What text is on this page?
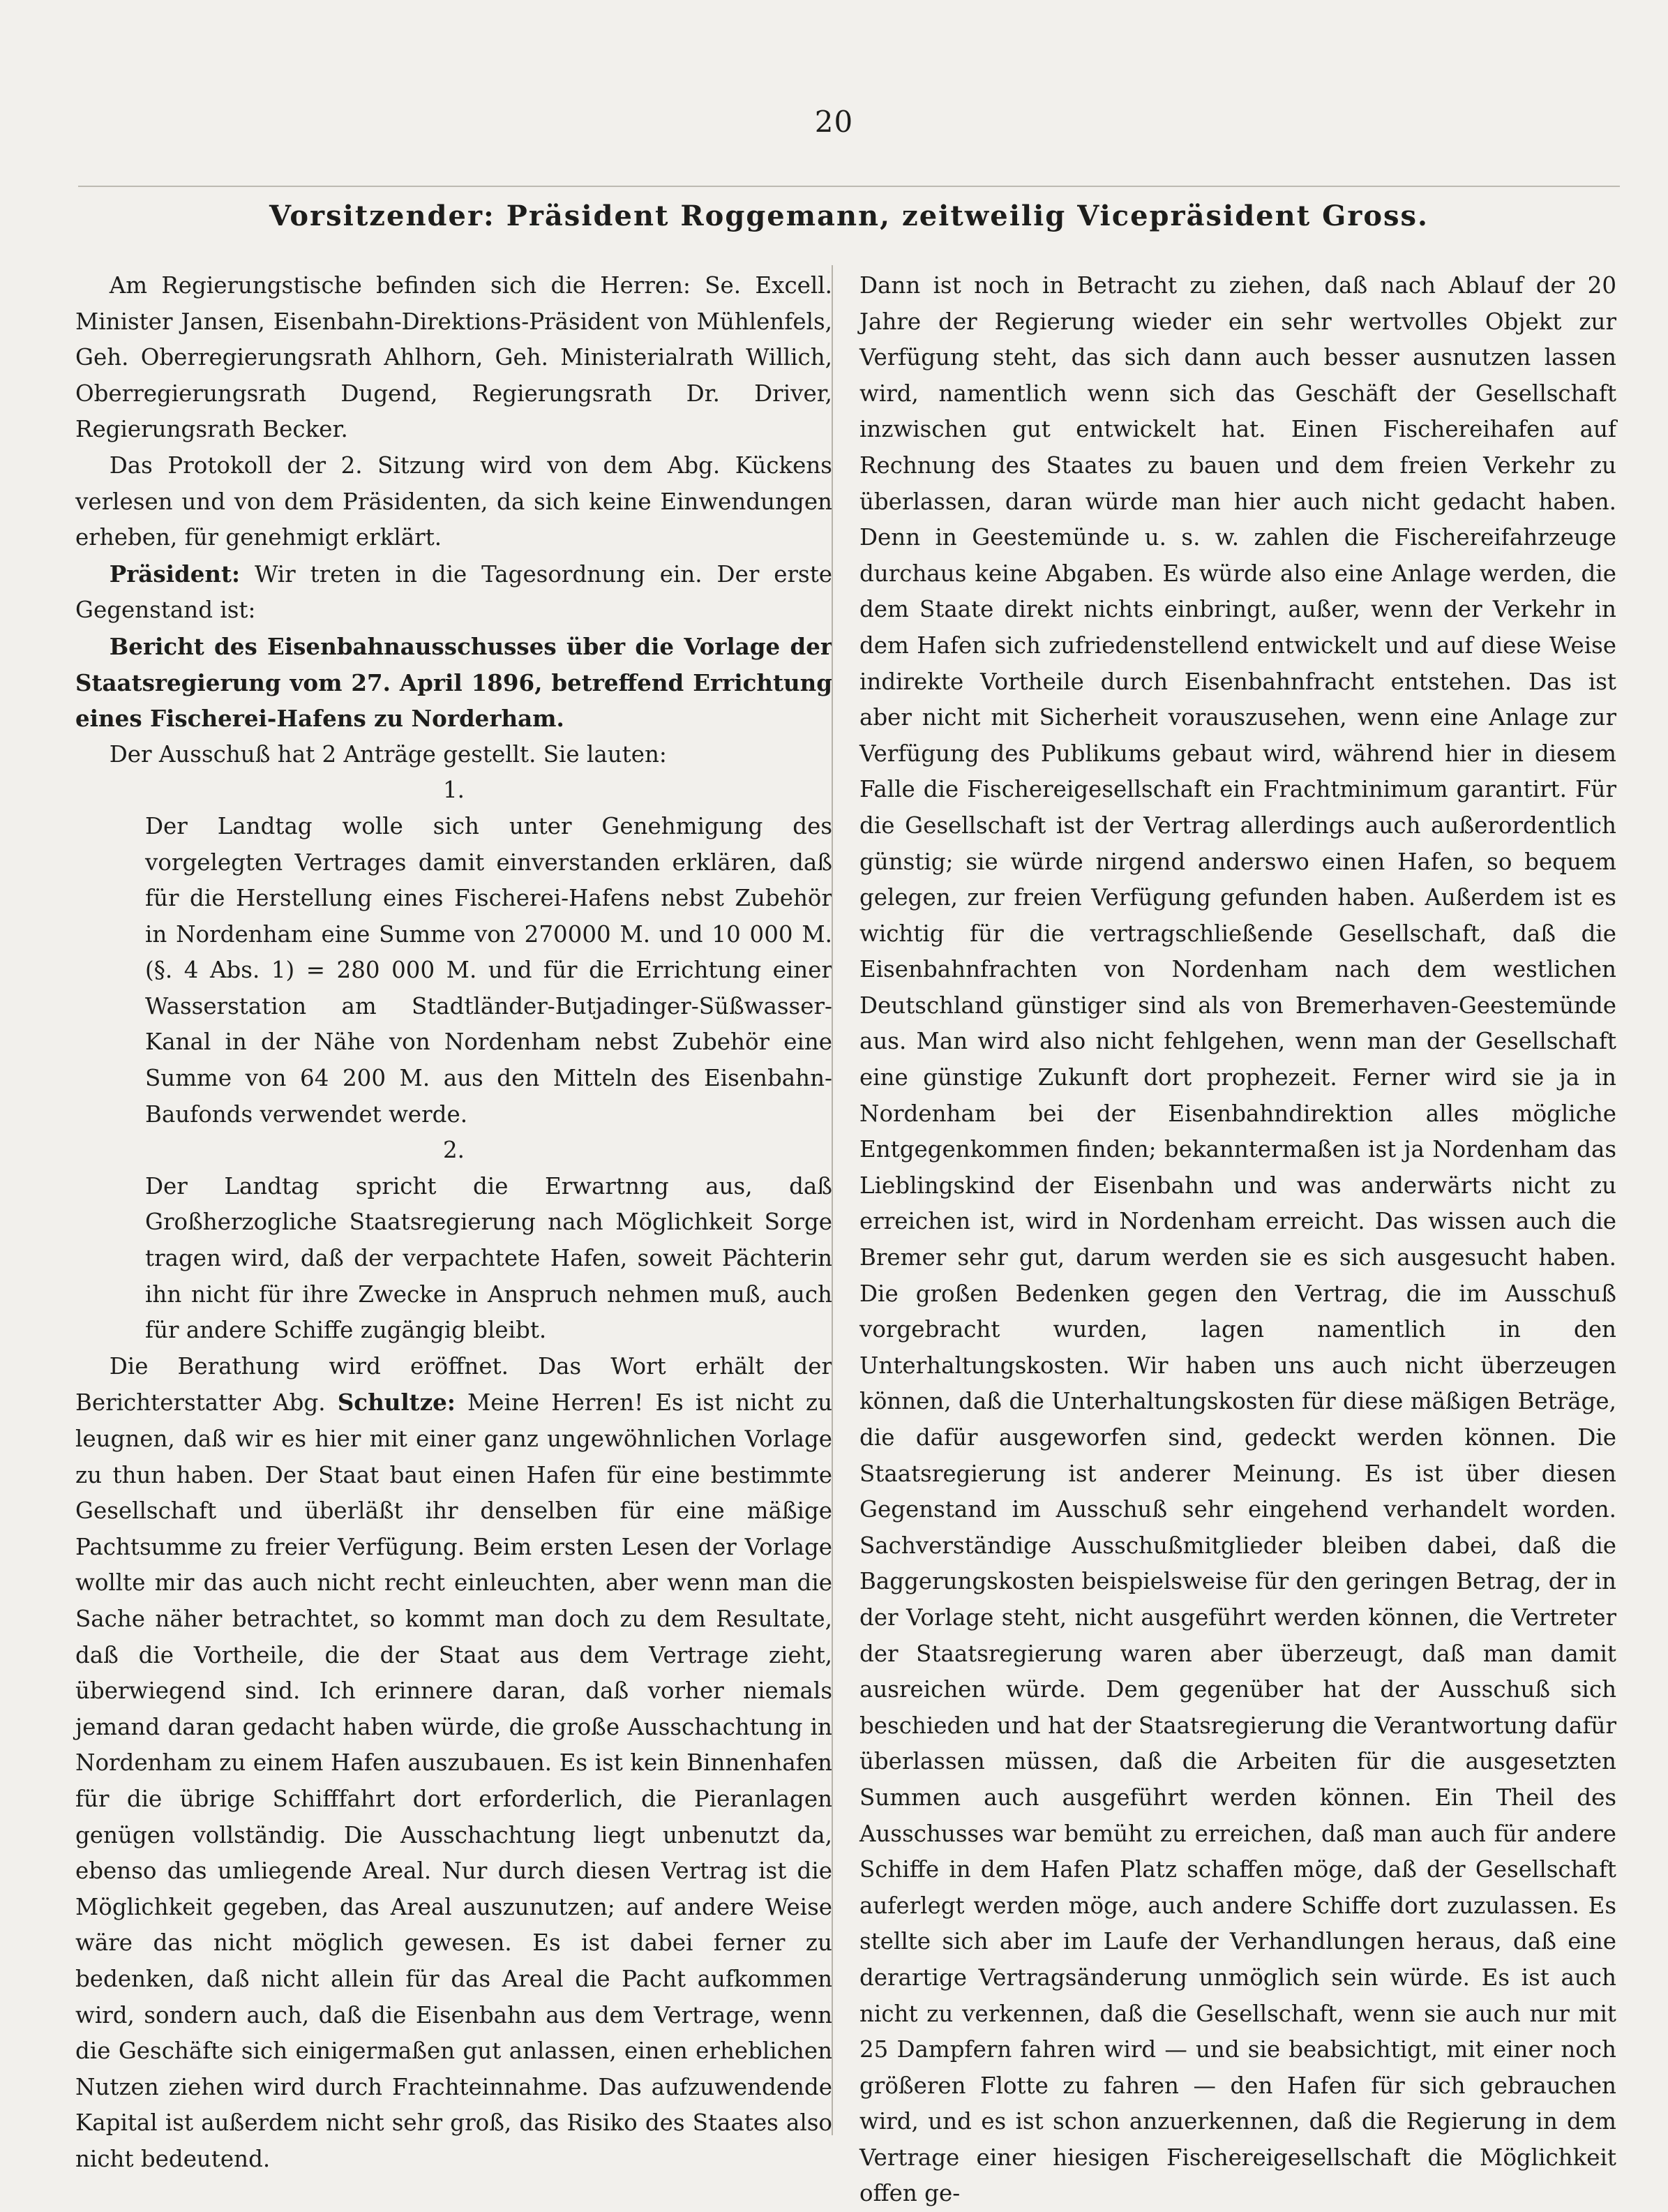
20
Vorsitzender: Präsident Roggemann, zeitweilig Vicepräsident Gross.

Am Regierungstische befinden sich die Herren: Se. Excell. Minister Jansen, Eisenbahn-Direktions-Präsident von Mühlenfels, Geh. Oberregierungsrath Ahlhorn, Geh. Ministerialrath Willich, Oberregierungsrath Dugend, Regierungsrath Dr. Driver, Regierungsrath Becker.

Das Protokoll der 2. Sitzung wird von dem Abg. Kückens verlesen und von dem Präsidenten, da sich keine Einwendungen erheben, für genehmigt erklärt.

Präsident: Wir treten in die Tagesordnung ein. Der erste Gegenstand ist:

Bericht des Eisenbahnausschusses über die Vorlage der Staatsregierung vom 27. April 1896, betreffend Errichtung eines Fischerei-Hafens zu Norderham.

Der Ausschuß hat 2 Anträge gestellt. Sie lauten:

1.

Der Landtag wolle sich unter Genehmigung des vorgelegten Vertrages damit einverstanden erklären, daß für die Herstellung eines Fischerei-Hafens nebst Zubehör in Nordenham eine Summe von 270000 M. und 10 000 M. (§. 4 Abs. 1) = 280 000 M. und für die Errichtung einer Wasserstation am Stadtländer-Butjadinger-Süßwasser-Kanal in der Nähe von Nordenham nebst Zubehör eine Summe von 64 200 M. aus den Mitteln des Eisenbahn-Baufonds verwendet werde.

2.

Der Landtag spricht die Erwartnng aus, daß Großherzogliche Staatsregierung nach Möglichkeit Sorge tragen wird, daß der verpachtete Hafen, soweit Pächterin ihn nicht für ihre Zwecke in Anspruch nehmen muß, auch für andere Schiffe zugängig bleibt.

Die Berathung wird eröffnet. Das Wort erhält der Berichterstatter Abg. Schultze: Meine Herren! Es ist nicht zu leugnen, daß wir es hier mit einer ganz ungewöhnlichen Vorlage zu thun haben. Der Staat baut einen Hafen für eine bestimmte Gesellschaft und überläßt ihr denselben für eine mäßige Pachtsumme zu freier Verfügung. Beim ersten Lesen der Vorlage wollte mir das auch nicht recht einleuchten, aber wenn man die Sache näher betrachtet, so kommt man doch zu dem Resultate, daß die Vortheile, die der Staat aus dem Vertrage zieht, überwiegend sind. Ich erinnere daran, daß vorher niemals jemand daran gedacht haben würde, die große Ausschachtung in Nordenham zu einem Hafen auszubauen. Es ist kein Binnenhafen für die übrige Schifffahrt dort erforderlich, die Pieranlagen genügen vollständig. Die Ausschachtung liegt unbenutzt da, ebenso das umliegende Areal. Nur durch diesen Vertrag ist die Möglichkeit gegeben, das Areal auszunutzen; auf andere Weise wäre das nicht möglich gewesen. Es ist dabei ferner zu bedenken, daß nicht allein für das Areal die Pacht aufkommen wird, sondern auch, daß die Eisenbahn aus dem Vertrage, wenn die Geschäfte sich einigermaßen gut anlassen, einen erheblichen Nutzen ziehen wird durch Frachteinnahme. Das aufzuwendende Kapital ist außerdem nicht sehr groß, das Risiko des Staates also nicht bedeutend.

Dann ist noch in Betracht zu ziehen, daß nach Ablauf der 20 Jahre der Regierung wieder ein sehr wertvolles Objekt zur Verfügung steht, das sich dann auch besser ausnutzen lassen wird, namentlich wenn sich das Geschäft der Gesellschaft inzwischen gut entwickelt hat. Einen Fischereihafen auf Rechnung des Staates zu bauen und dem freien Verkehr zu überlassen, daran würde man hier auch nicht gedacht haben. Denn in Geestemünde u. s. w. zahlen die Fischereifahrzeuge durchaus keine Abgaben. Es würde also eine Anlage werden, die dem Staate direkt nichts einbringt, außer, wenn der Verkehr in dem Hafen sich zufriedenstellend entwickelt und auf diese Weise indirekte Vortheile durch Eisenbahnfracht entstehen. Das ist aber nicht mit Sicherheit vorauszusehen, wenn eine Anlage zur Verfügung des Publikums gebaut wird, während hier in diesem Falle die Fischereigesellschaft ein Frachtminimum garantirt. Für die Gesellschaft ist der Vertrag allerdings auch außerordentlich günstig; sie würde nirgend anderswo einen Hafen, so bequem gelegen, zur freien Verfügung gefunden haben. Außerdem ist es wichtig für die vertragschließende Gesellschaft, daß die Eisenbahnfrachten von Nordenham nach dem westlichen Deutschland günstiger sind als von Bremerhaven-Geestemünde aus. Man wird also nicht fehlgehen, wenn man der Gesellschaft eine günstige Zukunft dort prophezeit. Ferner wird sie ja in Nordenham bei der Eisenbahndirektion alles mögliche Entgegenkommen finden; bekanntermaßen ist ja Nordenham das Lieblingskind der Eisenbahn und was anderwärts nicht zu erreichen ist, wird in Nordenham erreicht. Das wissen auch die Bremer sehr gut, darum werden sie es sich ausgesucht haben. Die großen Bedenken gegen den Vertrag, die im Ausschuß vorgebracht wurden, lagen namentlich in den Unterhaltungskosten. Wir haben uns auch nicht überzeugen können, daß die Unterhaltungskosten für diese mäßigen Beträge, die dafür ausgeworfen sind, gedeckt werden können. Die Staatsregierung ist anderer Meinung. Es ist über diesen Gegenstand im Ausschuß sehr eingehend verhandelt worden. Sachverständige Ausschußmitglieder bleiben dabei, daß die Baggerungskosten beispielsweise für den geringen Betrag, der in der Vorlage steht, nicht ausgeführt werden können, die Vertreter der Staatsregierung waren aber überzeugt, daß man damit ausreichen würde. Dem gegenüber hat der Ausschuß sich beschieden und hat der Staatsregierung die Verantwortung dafür überlassen müssen, daß die Arbeiten für die ausgesetzten Summen auch ausgeführt werden können. Ein Theil des Ausschusses war bemüht zu erreichen, daß man auch für andere Schiffe in dem Hafen Platz schaffen möge, daß der Gesellschaft auferlegt werden möge, auch andere Schiffe dort zuzulassen. Es stellte sich aber im Laufe der Verhandlungen heraus, daß eine derartige Vertragsänderung unmöglich sein würde. Es ist auch nicht zu verkennen, daß die Gesellschaft, wenn sie auch nur mit 25 Dampfern fahren wird — und sie beabsichtigt, mit einer noch größeren Flotte zu fahren — den Hafen für sich gebrauchen wird, und es ist schon anzuerkennen, daß die Regierung in dem Vertrage einer hiesigen Fischereigesellschaft die Möglichkeit offen ge-
